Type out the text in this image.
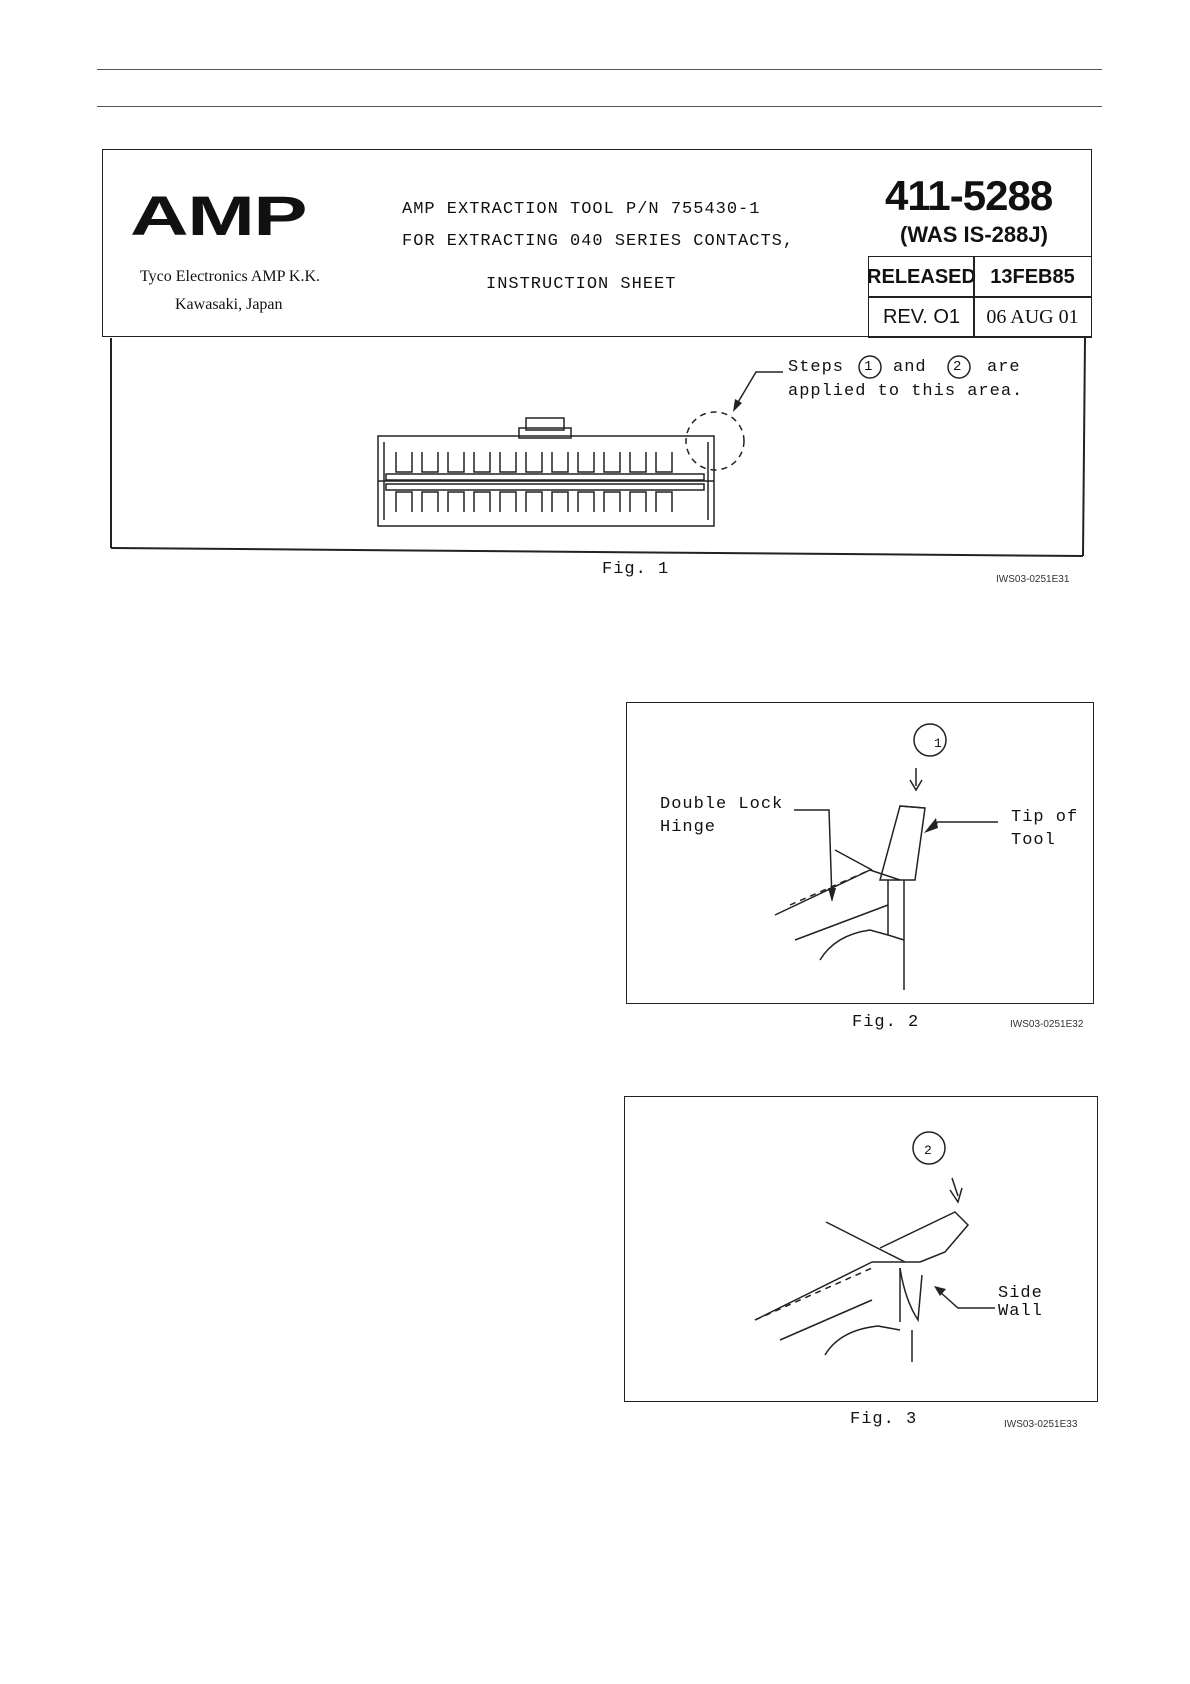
AMP
Tyco Electronics AMP K.K.
Kawasaki, Japan
AMP EXTRACTION TOOL P/N 755430-1
FOR EXTRACTING 040 SERIES CONTACTS,
INSTRUCTION SHEET
411-5288
(WAS IS-288J)
RELEASED 13FEB85
REV. O1 06 AUG 01
Steps 1 and 2 are
applied to this area.
Fig. 1
IWS03-0251E31
1
Double Lock
Hinge
Tip of
Tool
Fig. 2	IWS03-0251E32
2
Side
Wall
Fig. 3	IWS03-0251E33
